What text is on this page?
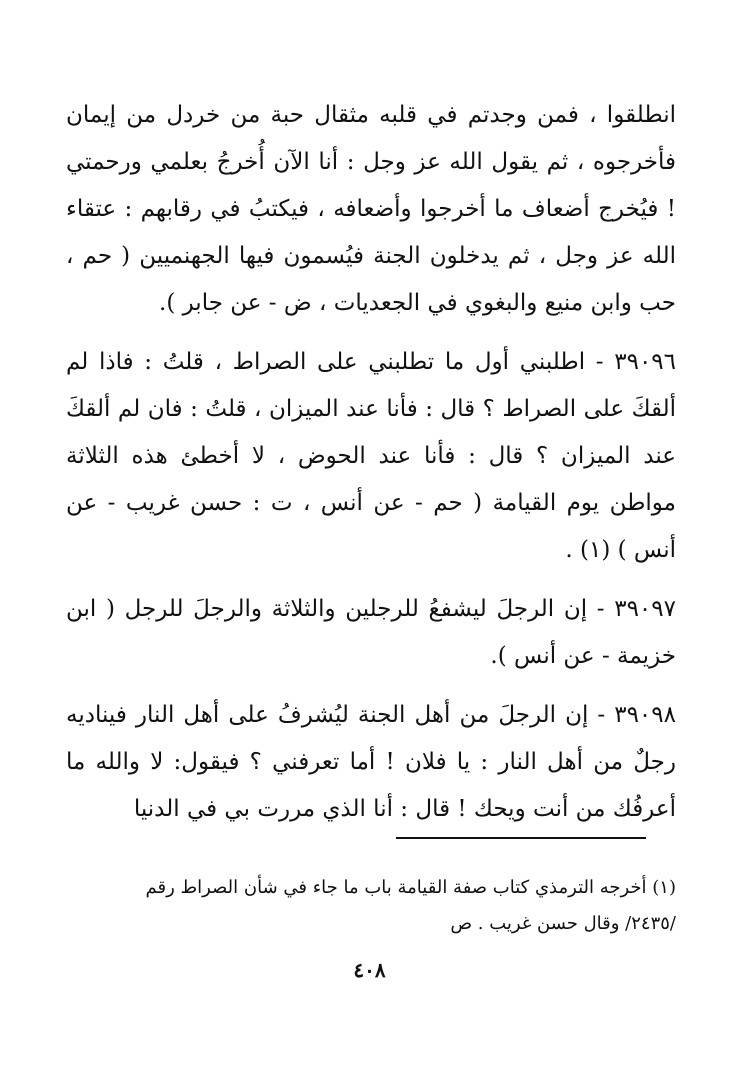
انطلقوا ، فمن وجدتم في قلبه مثقال حبة من خردل من إيمان فأخرجوه ، ثم يقول الله عز وجل : أنا الآن أُخرجُ بعلمي ورحمتي ! فيُخرج أضعاف ما أخرجوا وأضعافه ، فيكتبُ في رقابهم : عتقاء الله عز وجل ، ثم يدخلون الجنة فيُسمون فيها الجهنميين ( حم ، حب وابن منيع والبغوي في الجعديات ، ض - عن جابر ).

٣٩٠٩٦ - اطلبني أول ما تطلبني على الصراط ، قلتُ : فاذا لم ألقكَ على الصراط ؟ قال : فأنا عند الميزان ، قلتُ : فان لم ألقكَ عند الميزان ؟ قال : فأنا عند الحوض ، لا أخطئ هذه الثلاثة مواطن يوم القيامة ( حم - عن أنس ، ت : حسن غريب - عن أنس ) (١) .

٣٩٠٩٧ - إن الرجلَ ليشفعُ للرجلين والثلاثة والرجلَ للرجل ( ابن خزيمة - عن أنس ).

٣٩٠٩٨ - إن الرجلَ من أهل الجنة ليُشرفُ على أهل النار فيناديه رجلٌ من أهل النار : يا فلان ! أما تعرفني ؟ فيقول: لا والله ما أعرفُك من أنت ويحك ! قال : أنا الذي مررت بي في الدنيا

(١) أخرجه الترمذي كتاب صفة القيامة باب ما جاء في شأن الصراط رقم

/٢٤٣٥/ وقال حسن غريب . ص

٤٠٨
